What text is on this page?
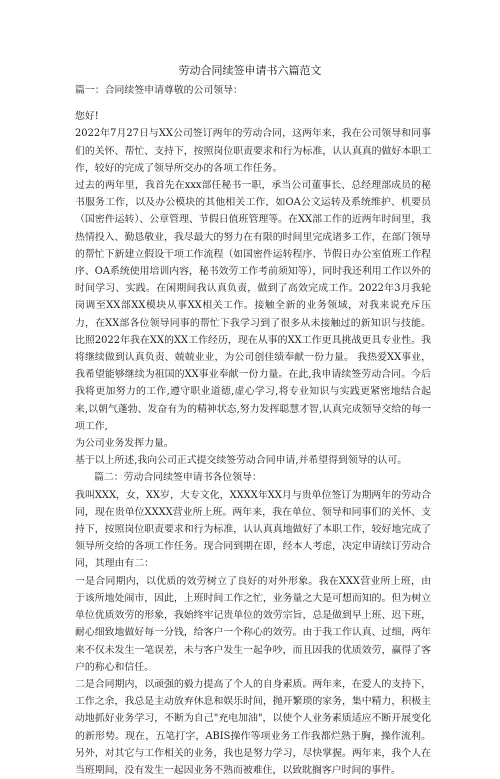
劳动合同续签申请书六篇范文

篇一：合同续签申请尊敬的公司领导：

您好!

2022年7月27日与XX公司签订两年的劳动合同，这两年来，我在公司领导和同事们的关怀、帮忙、支持下，按照岗位职责要求和行为标准，认认真真的做好本职工作，较好的完成了领导所交办的各项工作任务。

过去的两年里，我首先在xxx部任秘书一职，承当公司董事长、总经理部成员的秘书服务工作，以及办公模块的其他相关工作，如OA公文运转及系统维护、机要员（国密件运转）、公章管理、节假日值班管理等。在XX部工作的近两年时间里，我热情投入、勤恳敬业，我尽最大的努力在有限的时间里完成诸多工作，在部门领导的帮忙下新建立假设干项工作流程（如国密件运转程序、节假日办公室值班工作程序、OA系统使用培训内容，秘书效劳工作考前须知等），同时我还利用工作以外的时间学习、实践。在闲期间我认真负责，做到了高效完成工作。2022年3月我轮岗调至XX部XX模块从事XX相关工作。接触全新的业务领域，对我来说充斥压力，在XX部各位领导同事的帮忙下我学习到了很多从未接触过的新知识与技能。比照2022年我在XX的XX工作经历，现在从事的XX工作更具挑战更具专业性。我将继续做到认真负责、兢兢业业，为公司创佳绩奉献一份力量。 我热爱XX事业，我希望能够继续为祖国的XX事业奉献一份力量。在此,我申请续签劳动合同。今后我将更加努力的工作,遵守职业道德,虚心学习,将专业知识与实践更紧密地结合起来,以朝气蓬勃、发奋有为的精神状态,努力发挥聪慧才智,认真完成领导交给的每一项工作,

为公司业务发挥力量。

基于以上所述,我向公司正式提交续签劳动合同申请,并希望得到领导的认可。

篇二：劳动合同续签申请书各位领导：

我叫XXX，女，XX岁，大专文化，XXXX年XX月与贵单位签订为期两年的劳动合同，现在贵单位XXXX营业所上班。两年来，我在单位、领导和同事们的关怀、支持下，按照岗位职责要求和行为标准，认认真真地做好了本职工作，较好地完成了领导所交给的各项工作任务。现合同到期在即，经本人考虑，决定申请续订劳动合同，其理由有二：

一是合同期内，以优质的效劳树立了良好的对外形象。我在XXX营业所上班，由于该所地处闹市，因此，上班时间工作之忙，业务量之大是可想而知的。但为树立单位优质效劳的形象，我始终牢记贵单位的效劳宗旨，总是做到早上班、迟下班，耐心细致地做好每一分钱，给客户一个称心的效劳。由于我工作认真、过细，两年来不仅未发生一笔误差，未与客户发生一起争吵，而且因我的优质效劳，赢得了客户的称心和信任。

二是合同期内，以顽强的毅力提高了个人的自身素质。两年来，在爱人的支持下，工作之余，我总是主动放弃休息和娱乐时间，抛开繁琐的家务，集中精力，积极主动地抓好业务学习，不断为自己"充电加油"，以使个人业务素质适应不断开展变化的新形势。现在，五笔打字，ABIS操作等项业务工作我都烂熟于胸，操作流利。另外，对其它与工作相关的业务，我也是努力学习，尽快掌握。两年来，我个人在当班期间，没有发生一起因业务不熟而被难住，以致眈搁客户时间的事件。
